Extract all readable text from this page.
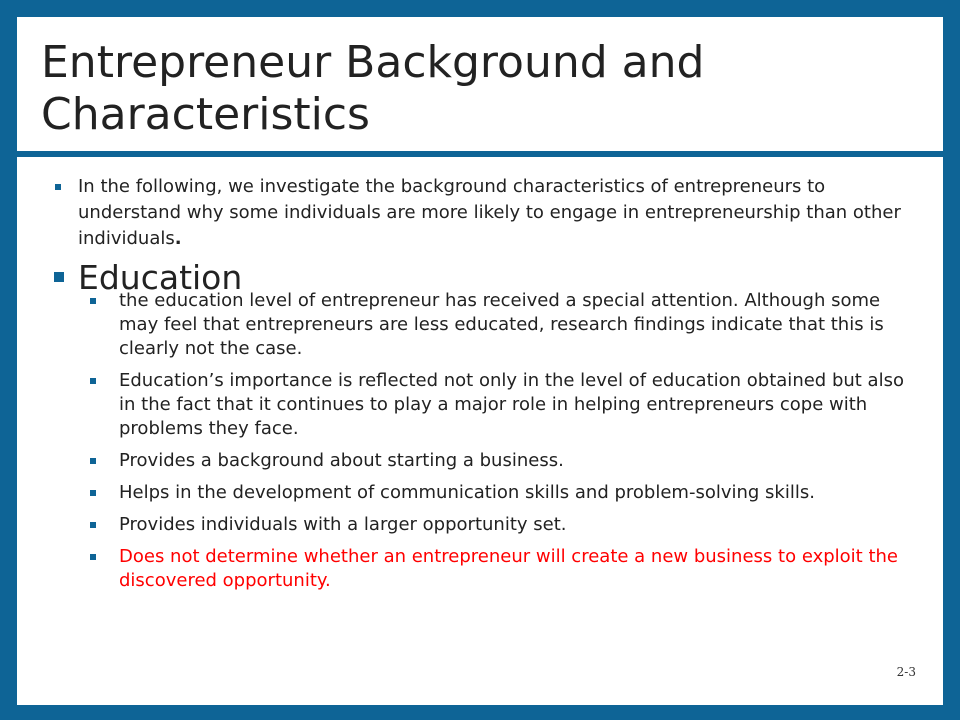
Entrepreneur Background and Characteristics
In the following, we investigate the background characteristics of entrepreneurs to understand why some individuals are more likely to engage in entrepreneurship than other individuals.
Education
the education level of entrepreneur has received a special attention. Although some may feel that entrepreneurs are less educated, research findings indicate that this is clearly not the case.
Education’s importance is reflected not only in the level of education obtained but also in the fact that it continues to play a major role in helping entrepreneurs cope with problems they face.
Provides a background about starting a business.
Helps in the development of communication skills and problem-solving skills.
Provides individuals with a larger opportunity set.
Does not determine whether an entrepreneur will create a new business to exploit the discovered opportunity.
2-3
